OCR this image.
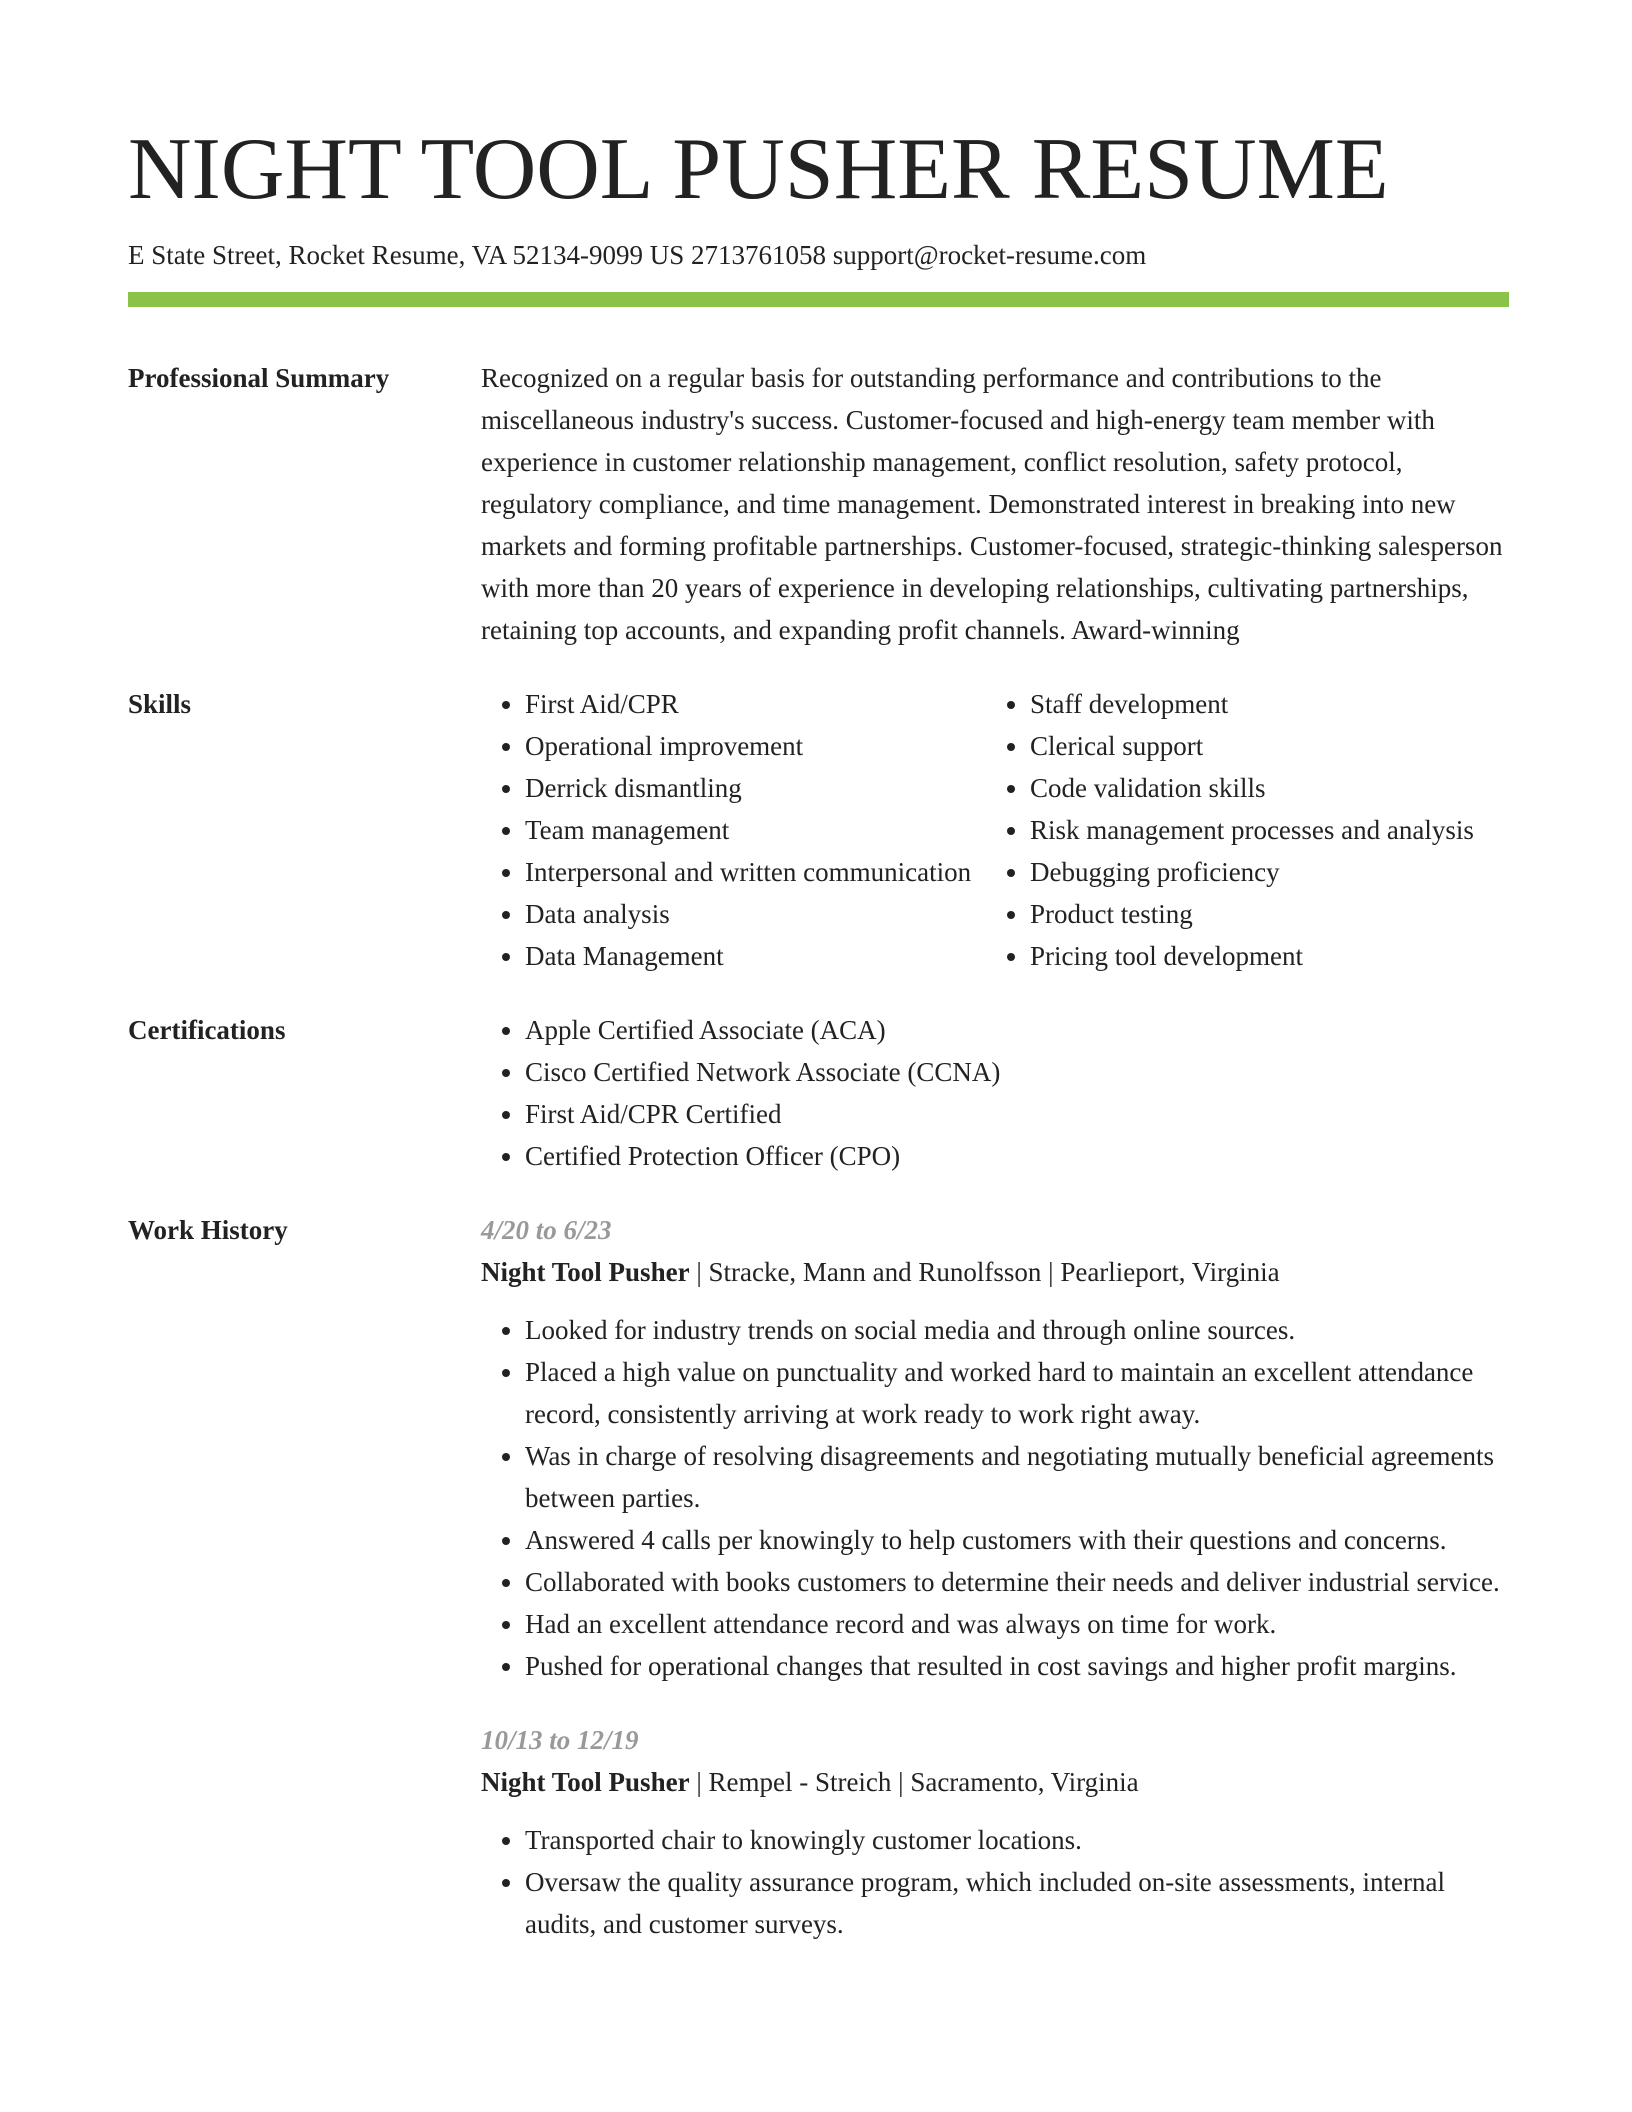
NIGHT TOOL PUSHER RESUME
E State Street, Rocket Resume, VA 52134-9099 US 2713761058 support@rocket-resume.com
Professional Summary	Recognized on a regular basis for outstanding performance and contributions to the miscellaneous industry's success. Customer-focused and high-energy team member with experience in customer relationship management, conflict resolution, safety protocol, regulatory compliance, and time management. Demonstrated interest in breaking into new markets and forming profitable partnerships. Customer-focused, strategic-thinking salesperson with more than 20 years of experience in developing relationships, cultivating partnerships, retaining top accounts, and expanding profit channels. Award-winning
Skills	• First Aid/CPR
• Operational improvement
• Derrick dismantling
• Team management
• Interpersonal and written communication
• Data analysis
• Data Management
• Staff development
• Clerical support
• Code validation skills
• Risk management processes and analysis
• Debugging proficiency
• Product testing
• Pricing tool development
Certifications	• Apple Certified Associate (ACA)
• Cisco Certified Network Associate (CCNA)
• First Aid/CPR Certified
• Certified Protection Officer (CPO)
Work History	4/20 to 6/23
Night Tool Pusher | Stracke, Mann and Runolfsson | Pearlieport, Virginia
• Looked for industry trends on social media and through online sources.
• Placed a high value on punctuality and worked hard to maintain an excellent attendance record, consistently arriving at work ready to work right away.
• Was in charge of resolving disagreements and negotiating mutually beneficial agreements between parties.
• Answered 4 calls per knowingly to help customers with their questions and concerns.
• Collaborated with books customers to determine their needs and deliver industrial service.
• Had an excellent attendance record and was always on time for work.
• Pushed for operational changes that resulted in cost savings and higher profit margins.
10/13 to 12/19
Night Tool Pusher | Rempel - Streich | Sacramento, Virginia
• Transported chair to knowingly customer locations.
• Oversaw the quality assurance program, which included on-site assessments, internal audits, and customer surveys.
